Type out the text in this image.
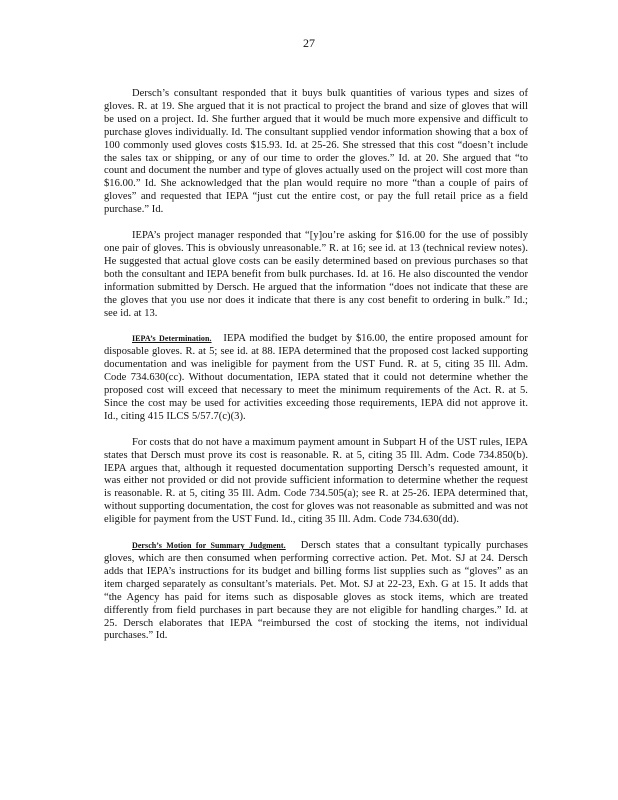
27

Dersch’s consultant responded that it buys bulk quantities of various types and sizes of gloves. R. at 19. She argued that it is not practical to project the brand and size of gloves that will be used on a project. Id. She further argued that it would be much more expensive and difficult to purchase gloves individually. Id. The consultant supplied vendor information showing that a box of 100 commonly used gloves costs $15.93. Id. at 25-26. She stressed that this cost “doesn’t include the sales tax or shipping, or any of our time to order the gloves.” Id. at 20. She argued that “to count and document the number and type of gloves actually used on the project will cost more than $16.00.” Id. She acknowledged that the plan would require no more “than a couple of pairs of gloves” and requested that IEPA “just cut the entire cost, or pay the full retail price as a field purchase.” Id.

IEPA’s project manager responded that “[y]ou’re asking for $16.00 for the use of possibly one pair of gloves. This is obviously unreasonable.” R. at 16; see id. at 13 (technical review notes). He suggested that actual glove costs can be easily determined based on previous purchases so that both the consultant and IEPA benefit from bulk purchases. Id. at 16. He also discounted the vendor information submitted by Dersch. He argued that the information “does not indicate that these are the gloves that you use nor does it indicate that there is any cost benefit to ordering in bulk.” Id.; see id. at 13.

IEPA’s Determination. IEPA modified the budget by $16.00, the entire proposed amount for disposable gloves. R. at 5; see id. at 88. IEPA determined that the proposed cost lacked supporting documentation and was ineligible for payment from the UST Fund. R. at 5, citing 35 Ill. Adm. Code 734.630(cc). Without documentation, IEPA stated that it could not determine whether the proposed cost will exceed that necessary to meet the minimum requirements of the Act. R. at 5. Since the cost may be used for activities exceeding those requirements, IEPA did not approve it. Id., citing 415 ILCS 5/57.7(c)(3).

For costs that do not have a maximum payment amount in Subpart H of the UST rules, IEPA states that Dersch must prove its cost is reasonable. R. at 5, citing 35 Ill. Adm. Code 734.850(b). IEPA argues that, although it requested documentation supporting Dersch’s requested amount, it was either not provided or did not provide sufficient information to determine whether the request is reasonable. R. at 5, citing 35 Ill. Adm. Code 734.505(a); see R. at 25-26. IEPA determined that, without supporting documentation, the cost for gloves was not reasonable as submitted and was not eligible for payment from the UST Fund. Id., citing 35 Ill. Adm. Code 734.630(dd).

Dersch’s Motion for Summary Judgment. Dersch states that a consultant typically purchases gloves, which are then consumed when performing corrective action. Pet. Mot. SJ at 24. Dersch adds that IEPA’s instructions for its budget and billing forms list supplies such as “gloves” as an item charged separately as consultant’s materials. Pet. Mot. SJ at 22-23, Exh. G at 15. It adds that “the Agency has paid for items such as disposable gloves as stock items, which are treated differently from field purchases in part because they are not eligible for handling charges.” Id. at 25. Dersch elaborates that IEPA “reimbursed the cost of stocking the items, not individual purchases.” Id.
